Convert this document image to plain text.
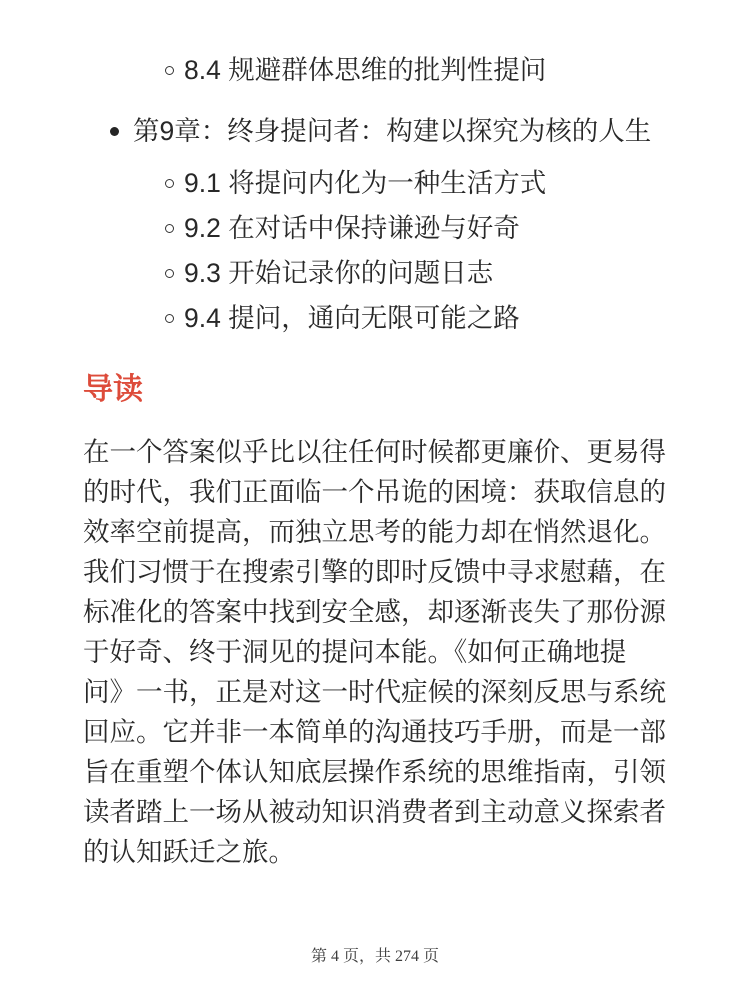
8.4 规避群体思维的批判性提问
第9章：终身提问者：构建以探究为核的人生
9.1 将提问内化为一种生活方式
9.2 在对话中保持谦逊与好奇
9.3 开始记录你的问题日志
9.4 提问，通向无限可能之路
导读
在一个答案似乎比以往任何时候都更廉价、更易得
的时代，我们正面临一个吊诡的困境：获取信息的
效率空前提高，而独立思考的能力却在悄然退化。
我们习惯于在搜索引擎的即时反馈中寻求慰藉，在
标准化的答案中找到安全感，却逐渐丧失了那份源
于好奇、终于洞见的提问本能。《如何正确地提
问》一书，正是对这一时代症候的深刻反思与系统
回应。它并非一本简单的沟通技巧手册，而是一部
旨在重塑个体认知底层操作系统的思维指南，引领
读者踏上一场从被动知识消费者到主动意义探索者
的认知跃迁之旅。
第 4 页，共 274 页
